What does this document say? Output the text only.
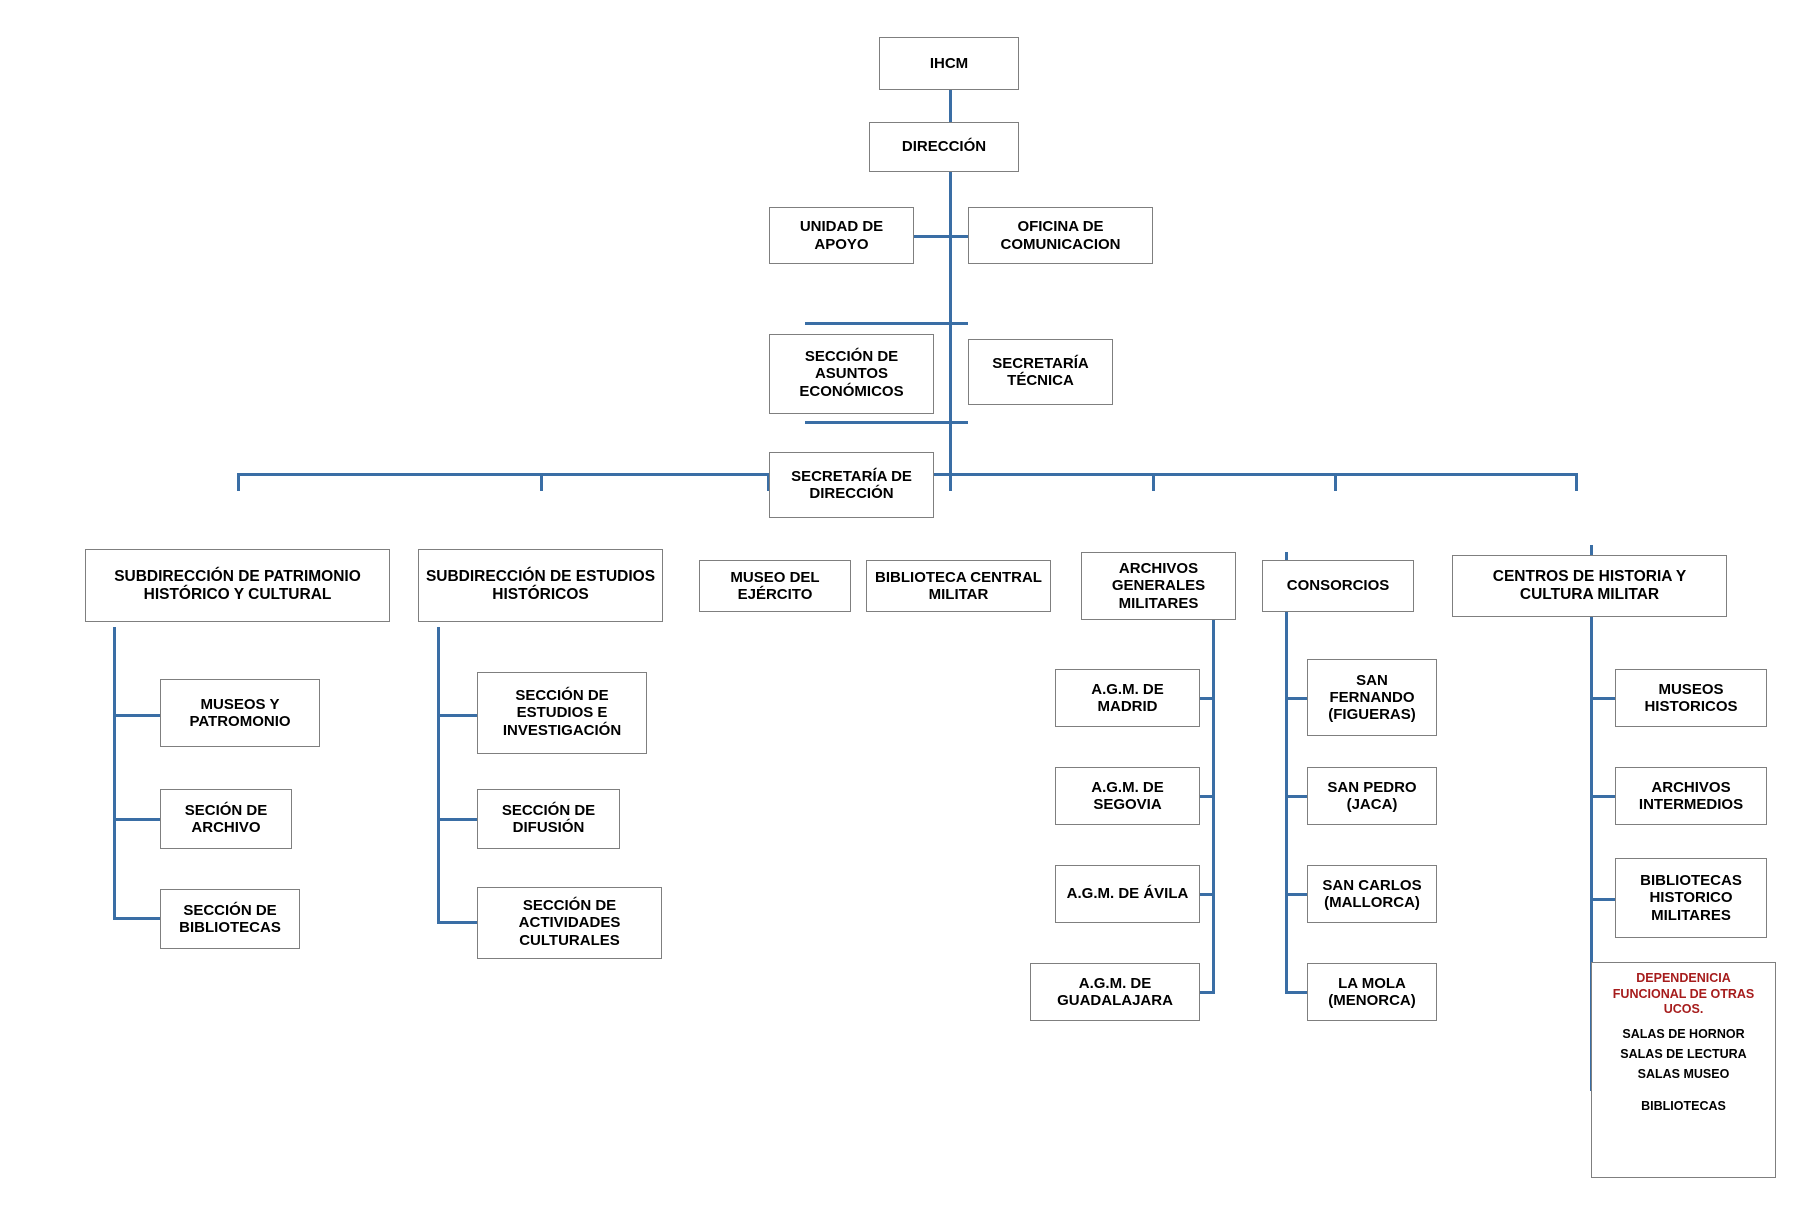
IHCM
DIRECCIÓN
UNIDAD DE APOYO
OFICINA DE COMUNICACION
SECCIÓN DE ASUNTOS ECONÓMICOS
SECRETARÍA TÉCNICA
SECRETARÍA DE DIRECCIÓN
SUBDIRECCIÓN DE PATRIMONIO HISTÓRICO Y CULTURAL
SUBDIRECCIÓN DE ESTUDIOS HISTÓRICOS
MUSEO DEL EJÉRCITO
BIBLIOTECA CENTRAL MILITAR
ARCHIVOS GENERALES MILITARES
CONSORCIOS
CENTROS DE HISTORIA Y CULTURA MILITAR
MUSEOS Y PATROMONIO
SECIÓN DE ARCHIVO
SECCIÓN DE BIBLIOTECAS
SECCIÓN DE ESTUDIOS E INVESTIGACIÓN
SECCIÓN DE DIFUSIÓN
SECCIÓN DE ACTIVIDADES CULTURALES
A.G.M. DE MADRID
A.G.M. DE SEGOVIA
A.G.M. DE ÁVILA
A.G.M. DE GUADALAJARA
SAN FERNANDO (FIGUERAS)
SAN PEDRO (JACA)
SAN CARLOS (MALLORCA)
LA MOLA (MENORCA)
MUSEOS HISTORICOS
ARCHIVOS INTERMEDIOS
BIBLIOTECAS HISTORICO MILITARES
DEPENDENICIA FUNCIONAL DE OTRAS UCOS.
SALAS DE HORNOR
SALAS DE LECTURA
SALAS MUSEO
BIBLIOTECAS
